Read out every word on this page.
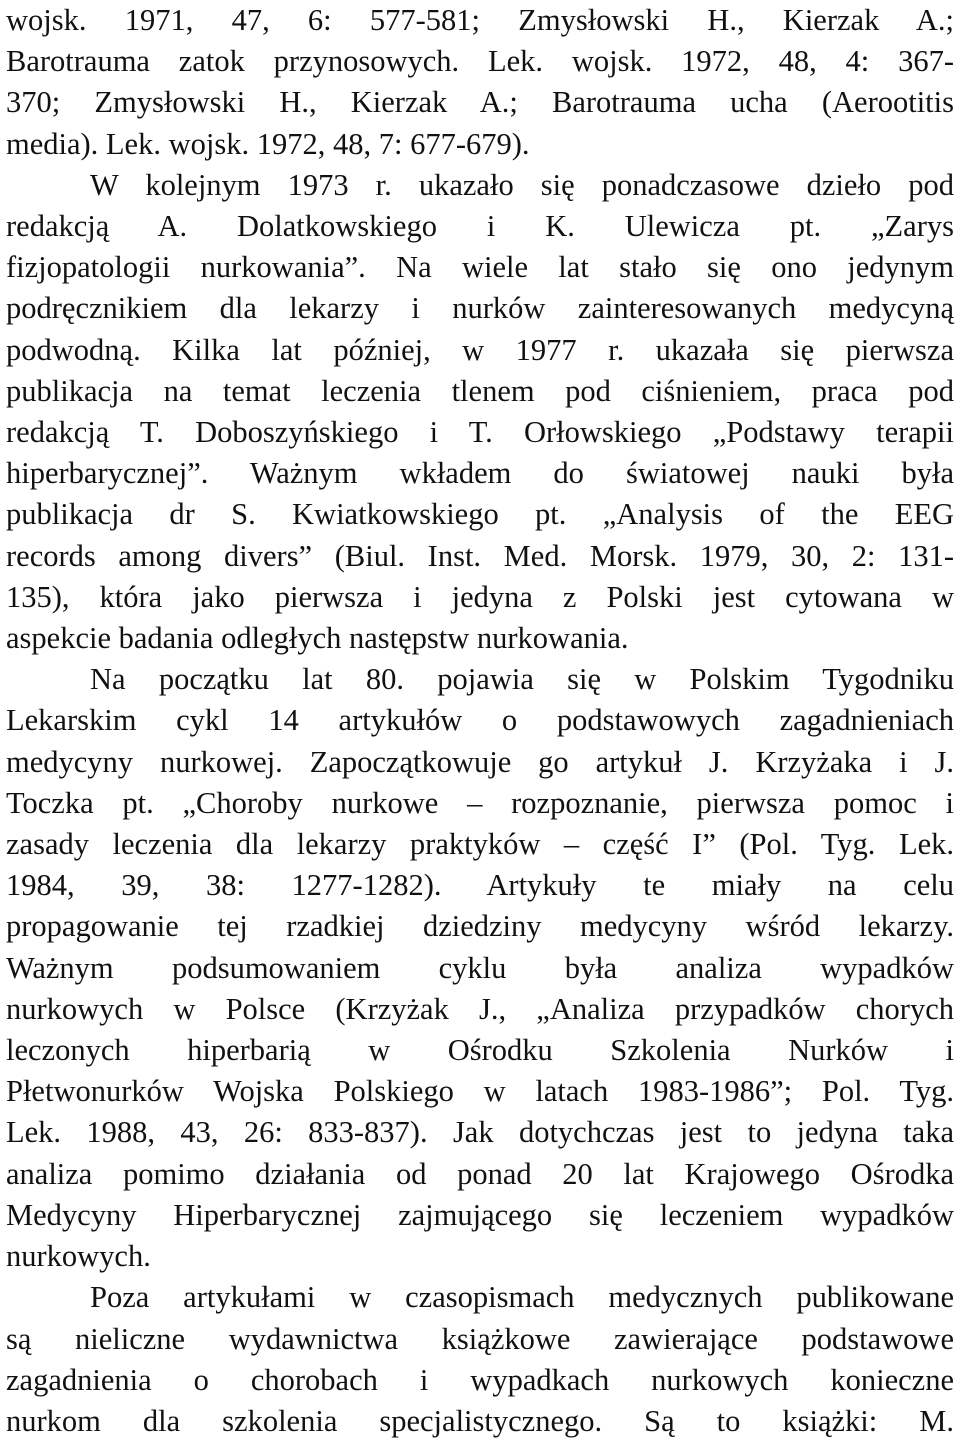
wojsk. 1971, 47, 6: 577-581; Zmysłowski H., Kierzak A.;
Barotrauma zatok przynosowych. Lek. wojsk. 1972, 48, 4: 367-
370; Zmysłowski H., Kierzak A.; Barotrauma ucha (Aerootitis
media). Lek. wojsk. 1972, 48, 7: 677-679).
W kolejnym 1973 r. ukazało się ponadczasowe dzieło pod
redakcją A. Dolatkowskiego i K. Ulewicza pt. „Zarys
fizjopatologii nurkowania”. Na wiele lat stało się ono jedynym
podręcznikiem dla lekarzy i nurków zainteresowanych medycyną
podwodną. Kilka lat później, w 1977 r. ukazała się pierwsza
publikacja na temat leczenia tlenem pod ciśnieniem, praca pod
redakcją T. Doboszyńskiego i T. Orłowskiego „Podstawy terapii
hiperbarycznej”. Ważnym wkładem do światowej nauki była
publikacja dr S. Kwiatkowskiego pt. „Analysis of the EEG
records among divers” (Biul. Inst. Med. Morsk. 1979, 30, 2: 131-
135), która jako pierwsza i jedyna z Polski jest cytowana w
aspekcie badania odległych następstw nurkowania.
Na początku lat 80. pojawia się w Polskim Tygodniku
Lekarskim cykl 14 artykułów o podstawowych zagadnieniach
medycyny nurkowej. Zapoczątkowuje go artykuł J. Krzyżaka i J.
Toczka pt. „Choroby nurkowe – rozpoznanie, pierwsza pomoc i
zasady leczenia dla lekarzy praktyków – część I” (Pol. Tyg. Lek.
1984, 39, 38: 1277-1282). Artykuły te miały na celu
propagowanie tej rzadkiej dziedziny medycyny wśród lekarzy.
Ważnym podsumowaniem cyklu była analiza wypadków
nurkowych w Polsce (Krzyżak J., „Analiza przypadków chorych
leczonych hiperbarią w Ośrodku Szkolenia Nurków i
Płetwonurków Wojska Polskiego w latach 1983-1986”; Pol. Tyg.
Lek. 1988, 43, 26: 833-837). Jak dotychczas jest to jedyna taka
analiza pomimo działania od ponad 20 lat Krajowego Ośrodka
Medycyny Hiperbarycznej zajmującego się leczeniem wypadków
nurkowych.
Poza artykułami w czasopismach medycznych publikowane
są nieliczne wydawnictwa książkowe zawierające podstawowe
zagadnienia o chorobach i wypadkach nurkowych konieczne
nurkom dla szkolenia specjalistycznego. Są to książki: M.
